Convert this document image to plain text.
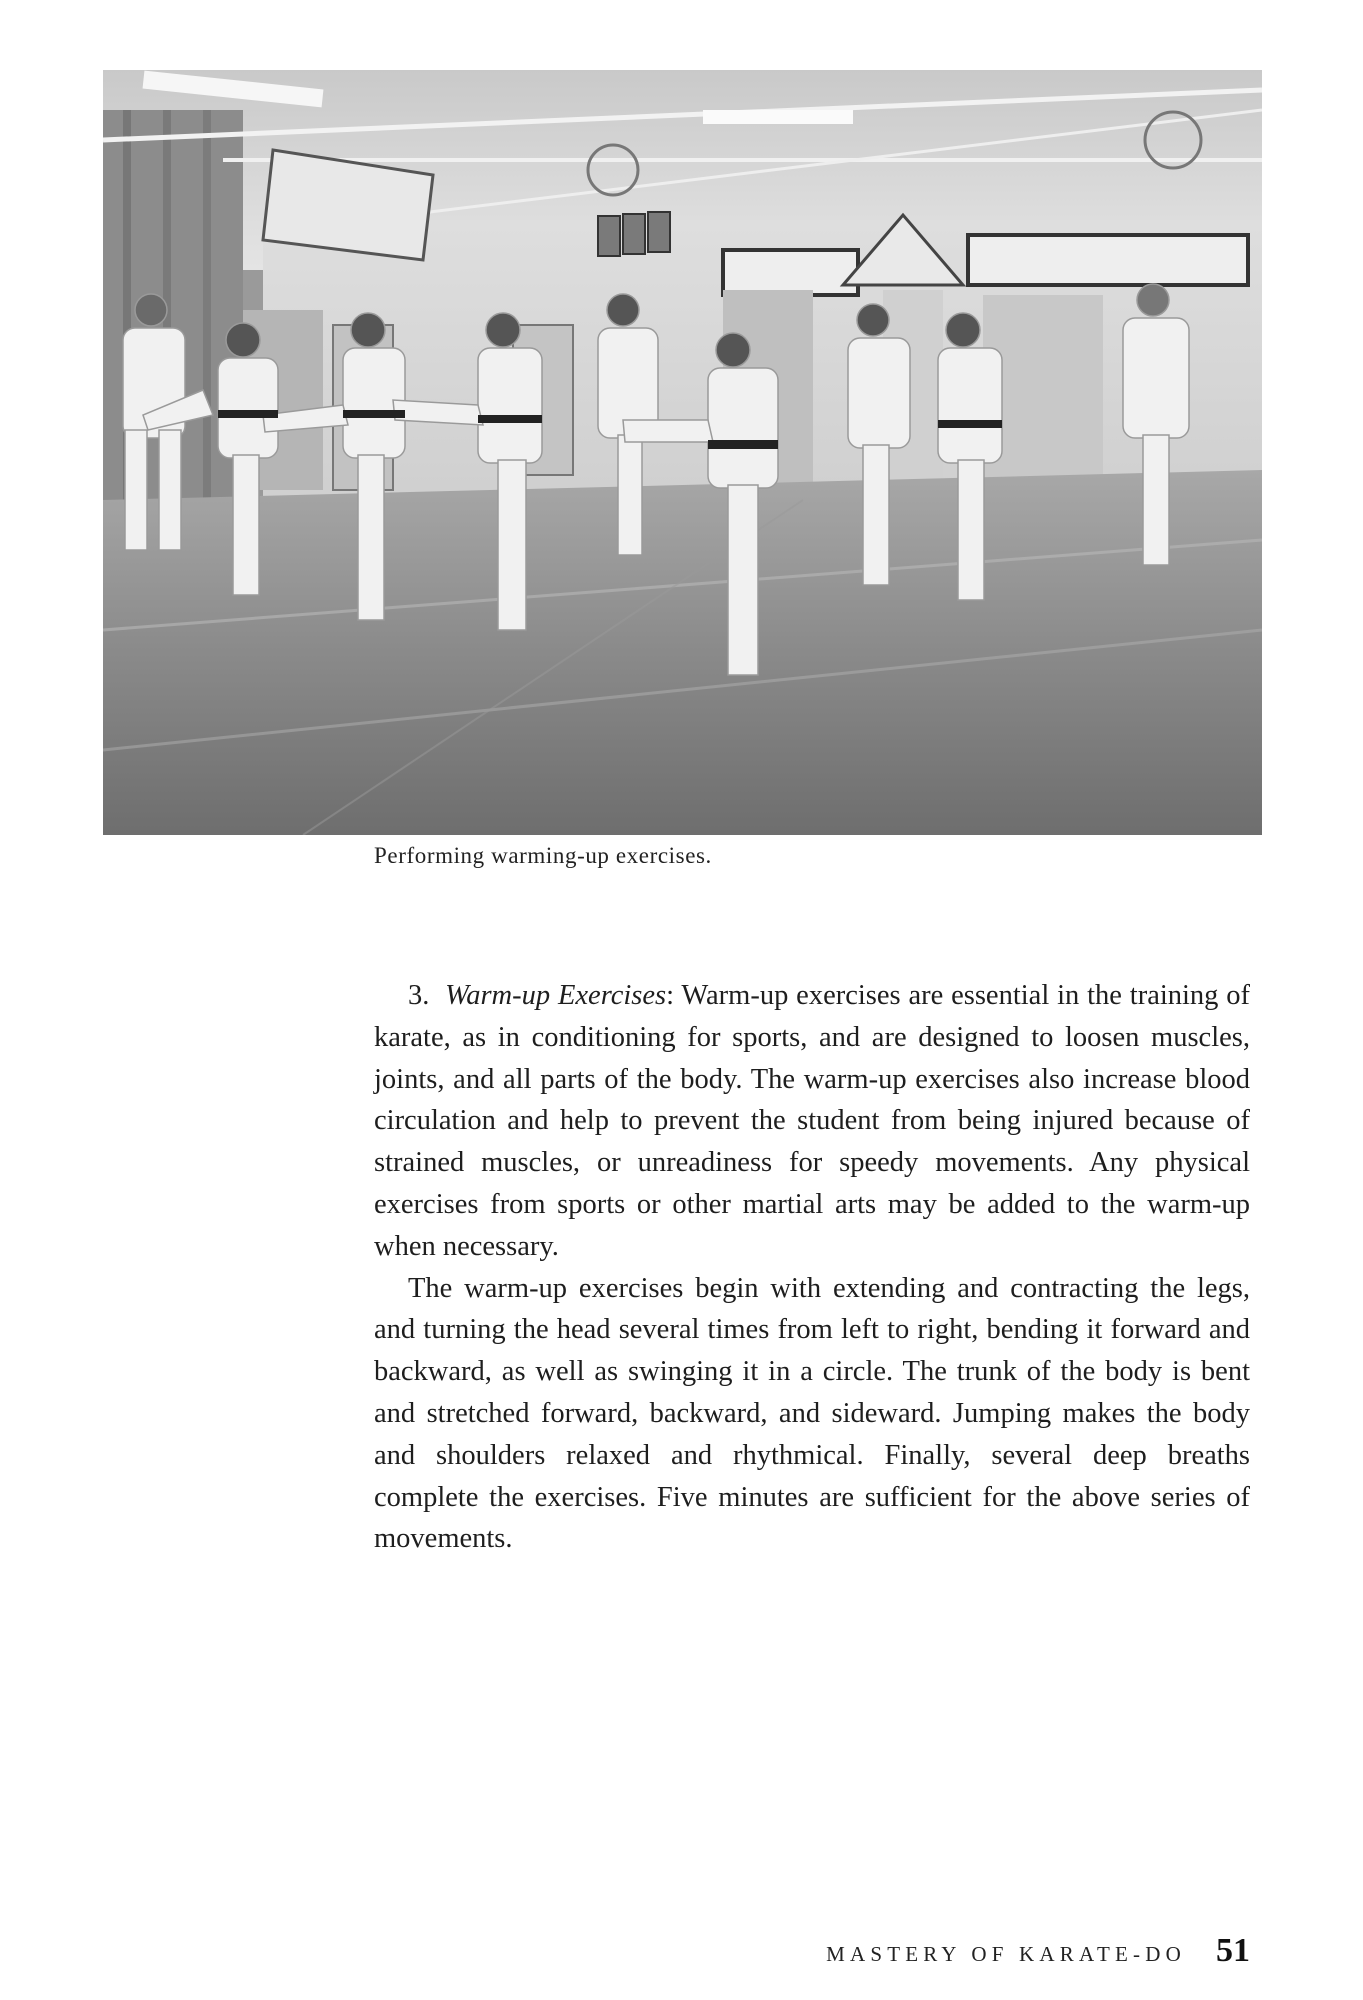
Performing warming-up exercises.

3. Warm-up Exercises: Warm-up exercises are essential in the training of karate, as in conditioning for sports, and are designed to loosen muscles, joints, and all parts of the body. The warm-up exercises also increase blood circulation and help to prevent the student from being injured because of strained muscles, or unreadiness for speedy movements. Any physical exercises from sports or other martial arts may be added to the warm-up when necessary.

The warm-up exercises begin with extending and contracting the legs, and turning the head several times from left to right, bending it forward and backward, as well as swinging it in a circle. The trunk of the body is bent and stretched forward, backward, and sideward. Jumping makes the body and shoulders relaxed and rhythmical. Finally, several deep breaths complete the exercises. Five minutes are sufficient for the above series of movements.

MASTERY OF KARATE-DO 51
